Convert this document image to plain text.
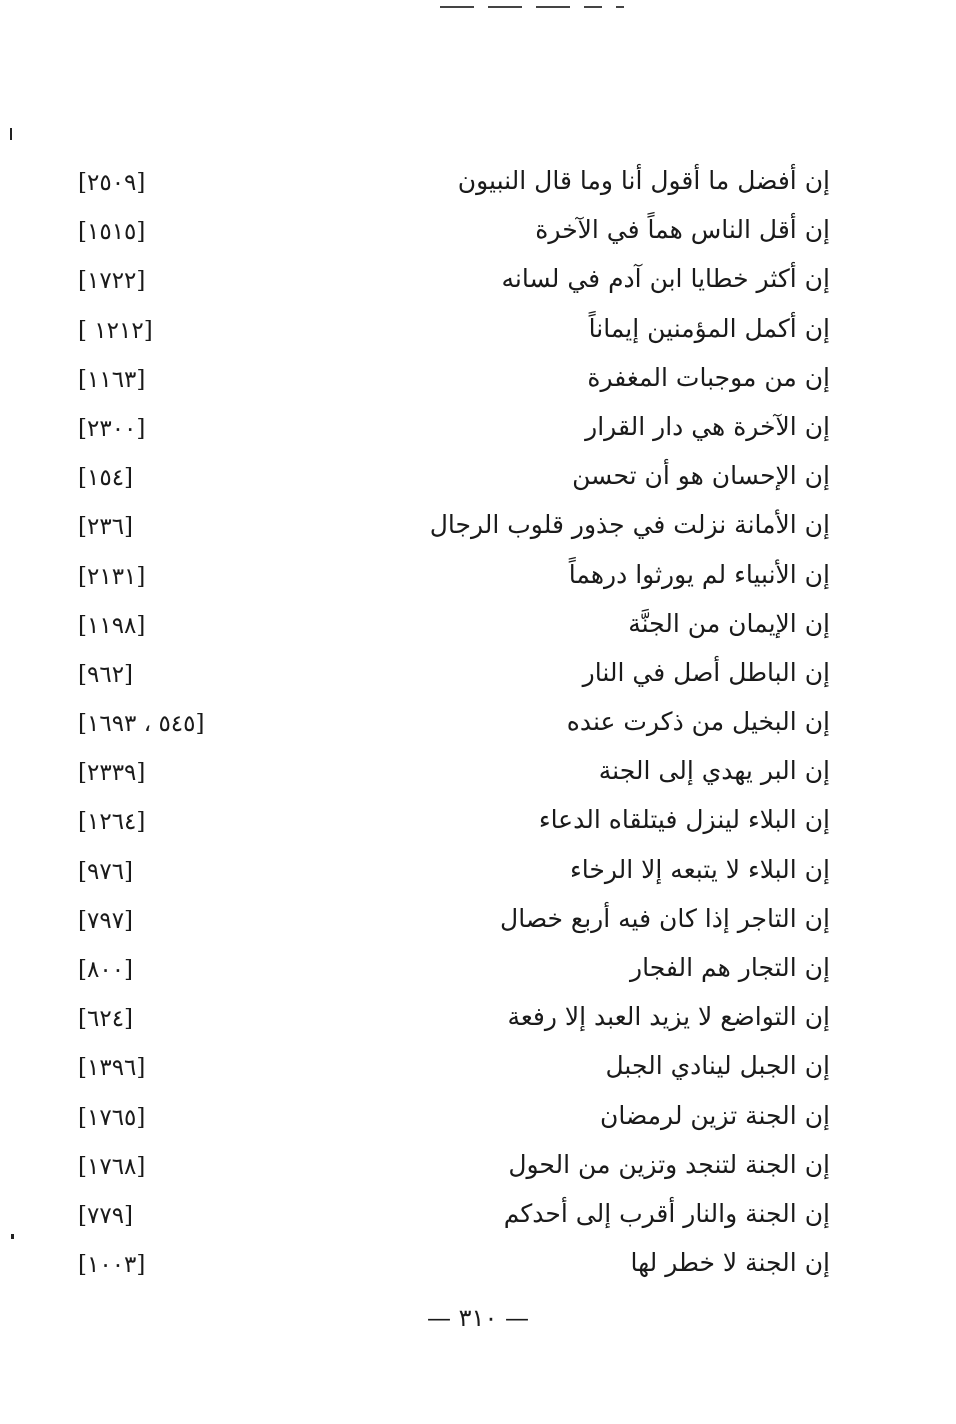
إن أفضل ما أقول أنا وما قال النبيون
[٢٥٠٩]
إن أقل الناس هماً في الآخرة
[١٥١٥]
إن أكثر خطايا ابن آدم في لسانه
[١٧٢٢]
إن أكمل المؤمنين إيماناً
[١٢١٢ ]
إن من موجبات المغفرة
[١١٦٣]
إن الآخرة هي دار القرار
[٢٣٠٠]
إن الإحسان هو أن تحسن
[١٥٤]
إن الأمانة نزلت في جذور قلوب الرجال
[٢٣٦]
إن الأنبياء لم يورثوا درهماً
[٢١٣١]
إن الإيمان من الجنَّة
[١١٩٨]
إن الباطل أصل في النار
[٩٦٢]
إن البخيل من ذكرت عنده
[٥٤٥ ، ١٦٩٣]
إن البر يهدي إلى الجنة
[٢٣٣٩]
إن البلاء لينزل فيتلقاه الدعاء
[١٢٦٤]
إن البلاء لا يتبعه إلا الرخاء
[٩٧٦]
إن التاجر إذا كان فيه أربع خصال
[٧٩٧]
إن التجار هم الفجار
[٨٠٠]
إن التواضع لا يزيد العبد إلا رفعة
[٦٢٤]
إن الجبل لينادي الجبل
[١٣٩٦]
إن الجنة تزين لرمضان
[١٧٦٥]
إن الجنة لتنجد وتزين من الحول
[١٧٦٨]
إن الجنة والنار أقرب إلى أحدكم
[٧٧٩]
إن الجنة لا خطر لها
[١٠٠٣]
— ٣١٠ —
